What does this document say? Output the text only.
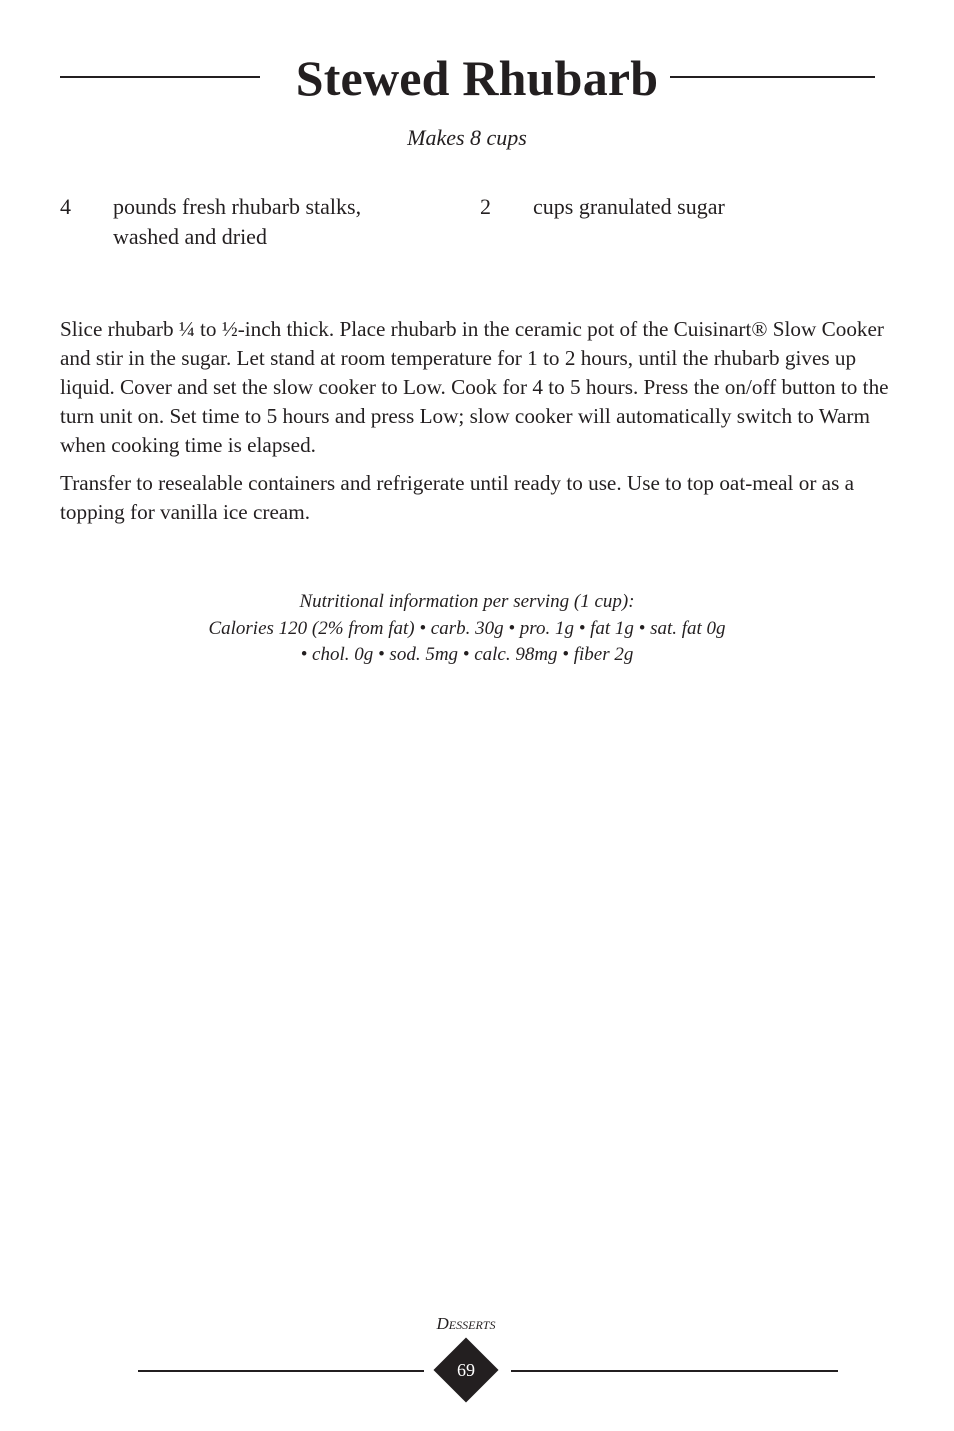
Stewed Rhubarb
Makes 8 cups
4 pounds fresh rhubarb stalks,
washed and dried
2 cups granulated sugar

Slice rhubarb ¼ to ½-inch thick. Place rhubarb in the ceramic pot of the Cuisinart® Slow Cooker and stir in the sugar. Let stand at room temperature for 1 to 2 hours, until the rhubarb gives up liquid. Cover and set the slow cooker to Low. Cook for 4 to 5 hours. Press the on/off button to the turn unit on. Set time to 5 hours and press Low; slow cooker will automatically switch to Warm when cooking time is elapsed.

Transfer to resealable containers and refrigerate until ready to use. Use to top oat-meal or as a topping for vanilla ice cream.

Nutritional information per serving (1 cup):
Calories 120 (2% from fat) • carb. 30g • pro. 1g • fat 1g • sat. fat 0g
• chol. 0g • sod. 5mg • calc. 98mg • fiber 2g
Desserts
69
